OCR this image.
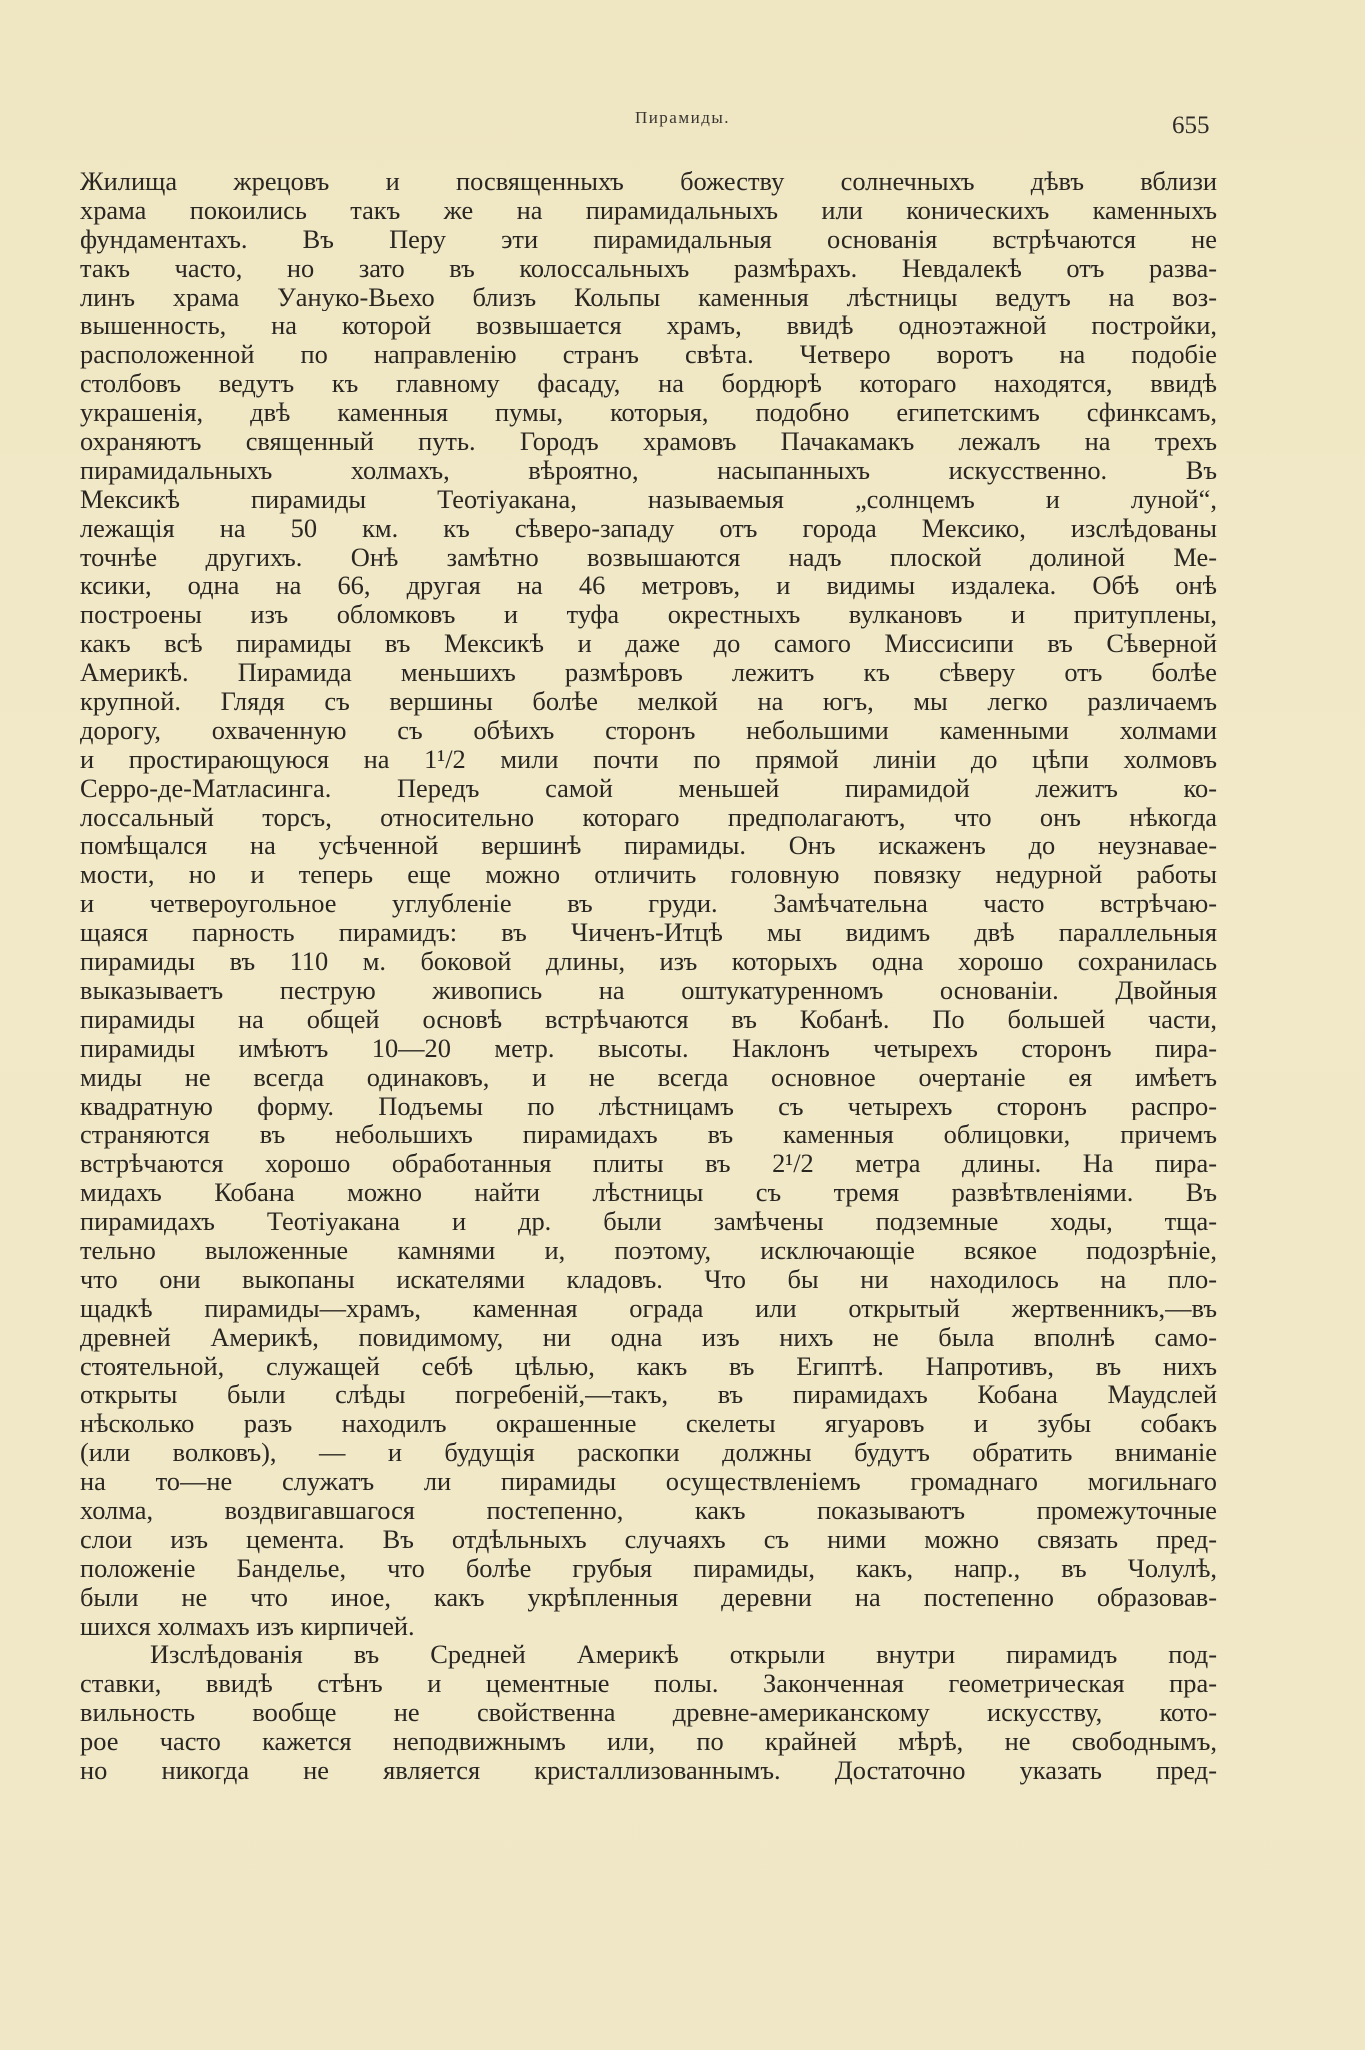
Пирамиды.	655
Жилища жрецовъ и посвященныхъ божеству солнечныхъ дѣвъ вблизи
храма покоились такъ же на пирамидальныхъ или коническихъ каменныхъ
фундаментахъ. Въ Перу эти пирамидальныя основанія встрѣчаются не
такъ часто, но зато въ колоссальныхъ размѣрахъ. Невдалекѣ отъ разва-
линъ храма Уануко-Вьехо близъ Кольпы каменныя лѣстницы ведутъ на воз-
вышенность, на которой возвышается храмъ, ввидѣ одноэтажной постройки,
расположенной по направленію странъ свѣта. Четверо воротъ на подобіе
столбовъ ведутъ къ главному фасаду, на бордюрѣ котораго находятся, ввидѣ
украшенія, двѣ каменныя пумы, которыя, подобно египетскимъ сфинксамъ,
охраняютъ священный путь. Городъ храмовъ Пачакамакъ лежалъ на трехъ
пирамидальныхъ холмахъ, вѣроятно, насыпанныхъ искусственно. Въ
Мексикѣ пирамиды Теотіуакана, называемыя „солнцемъ и луной“,
лежащія на 50 км. къ сѣверо-западу отъ города Мексико, изслѣдованы
точнѣе другихъ. Онѣ замѣтно возвышаются надъ плоской долиной Ме-
ксики, одна на 66, другая на 46 метровъ, и видимы издалека. Обѣ онѣ
построены изъ обломковъ и туфа окрестныхъ вулкановъ и притуплены,
какъ всѣ пирамиды въ Мексикѣ и даже до самого Миссисипи въ Сѣверной
Америкѣ. Пирамида меньшихъ размѣровъ лежитъ къ сѣверу отъ болѣе
крупной. Глядя съ вершины болѣе мелкой на югъ, мы легко различаемъ
дорогу, охваченную съ обѣихъ сторонъ небольшими каменными холмами
и простирающуюся на 1¹/2 мили почти по прямой линіи до цѣпи холмовъ
Серро-де-Матласинга. Передъ самой меньшей пирамидой лежитъ ко-
лоссальный торсъ, относительно котораго предполагаютъ, что онъ нѣкогда
помѣщался на усѣченной вершинѣ пирамиды. Онъ искаженъ до неузнавае-
мости, но и теперь еще можно отличить головную повязку недурной работы
и четвероугольное углубленіе въ груди. Замѣчательна часто встрѣчаю-
щаяся парность пирамидъ: въ Чиченъ-Итцѣ мы видимъ двѣ параллельныя
пирамиды въ 110 м. боковой длины, изъ которыхъ одна хорошо сохранилась
выказываетъ пеструю живопись на оштукатуренномъ основаніи. Двойныя
пирамиды на общей основѣ встрѣчаются въ Кобанѣ. По большей части,
пирамиды имѣютъ 10—20 метр. высоты. Наклонъ четырехъ сторонъ пира-
миды не всегда одинаковъ, и не всегда основное очертаніе ея имѣетъ
квадратную форму. Подъемы по лѣстницамъ съ четырехъ сторонъ распро-
страняются въ небольшихъ пирамидахъ въ каменныя облицовки, причемъ
встрѣчаются хорошо обработанныя плиты въ 2¹/2 метра длины. На пира-
мидахъ Кобана можно найти лѣстницы съ тремя развѣтвленіями. Въ
пирамидахъ Теотіуакана и др. были замѣчены подземные ходы, тща-
тельно выложенные камнями и, поэтому, исключающіе всякое подозрѣніе,
что они выкопаны искателями кладовъ. Что бы ни находилось на пло-
щадкѣ пирамиды—храмъ, каменная ограда или открытый жертвенникъ,—въ
древней Америкѣ, повидимому, ни одна изъ нихъ не была вполнѣ само-
стоятельной, служащей себѣ цѣлью, какъ въ Египтѣ. Напротивъ, въ нихъ
открыты были слѣды погребеній,—такъ, въ пирамидахъ Кобана Маудслей
нѣсколько разъ находилъ окрашенные скелеты ягуаровъ и зубы собакъ
(или волковъ), — и будущія раскопки должны будутъ обратить вниманіе
на то—не служатъ ли пирамиды осуществленіемъ громаднаго могильнаго
холма, воздвигавшагося постепенно, какъ показываютъ промежуточные
слои изъ цемента. Въ отдѣльныхъ случаяхъ съ ними можно связать пред-
положеніе Банделье, что болѣе грубыя пирамиды, какъ, напр., въ Чолулѣ,
были не что иное, какъ укрѣпленныя деревни на постепенно образовав-
шихся холмахъ изъ кирпичей.
Изслѣдованія въ Средней Америкѣ открыли внутри пирамидъ под-
ставки, ввидѣ стѣнъ и цементные полы. Законченная геометрическая пра-
вильность вообще не свойственна древне-американскому искусству, кото-
рое часто кажется неподвижнымъ или, по крайней мѣрѣ, не свободнымъ,
но никогда не является кристаллизованнымъ. Достаточно указать пред-
